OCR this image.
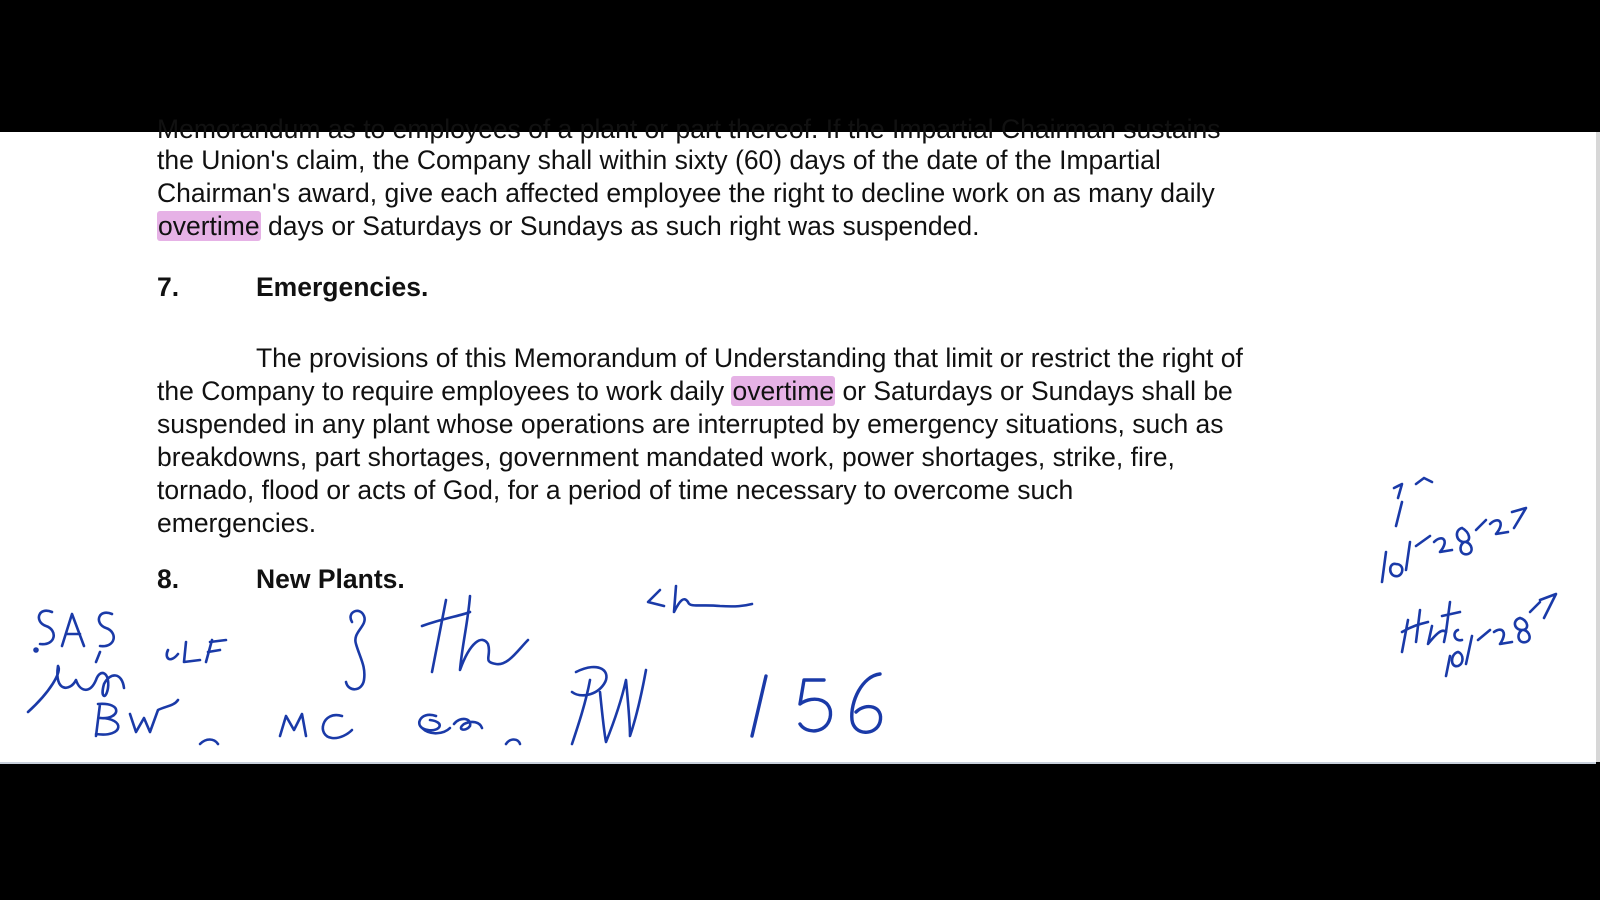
Memorandum as to employees of a plant or part thereof. If the Impartial Chairman sustains
the Union's claim, the Company shall within sixty (60) days of the date of the Impartial
Chairman's award, give each affected employee the right to decline work on as many daily
overtime days or Saturdays or Sundays as such right was suspended.
7.	Emergencies.
The provisions of this Memorandum of Understanding that limit or restrict the right of
the Company to require employees to work daily overtime or Saturdays or Sundays shall be
suspended in any plant whose operations are interrupted by emergency situations, such as
breakdowns, part shortages, government mandated work, power shortages, strike, fire,
tornado, flood or acts of God, for a period of time necessary to overcome such
emergencies.
8.	New Plants.
